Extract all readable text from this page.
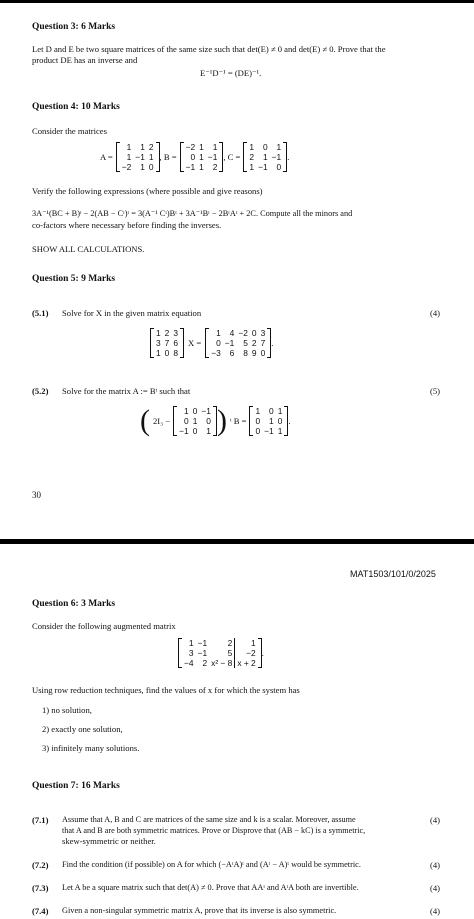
Question 3: 6 Marks
Let D and E be two square matrices of the same size such that det(E) ≠ 0 and det(E) ≠ 0. Prove that the
product DE has an inverse and
E⁻¹D⁻¹ = (DE)⁻¹.
Question 4: 10 Marks
Consider the matrices
A =
1	1	2
1	−1	1
−2	1	0
, B =
−2	1	1
0	1	−1
−1	1	2
, C =
1	0	1
2	1	−1
1	−1	0
.
Verify the following expressions (where possible and give reasons)
3A⁻¹(BC + B)ᵗ − 2(AB − Cᵗ)ᵗ = 3(A⁻¹ Cᵗ)Bᵗ + 3A⁻¹Bᵗ − 2BᵗAᵗ + 2C. Compute all the minors and
co-factors where necessary before finding the inverses.
SHOW ALL CALCULATIONS.
Question 5: 9 Marks
(5.1) Solve for X in the given matrix equation	(4)
1	2	3
3	7	6
1	0	8
X =
1	4	−2	0	3
0	−1	5	2	7
−3	6	8	9	0
.
(5.2) Solve for the matrix A := Bᵗ such that	(5)
( 2I₃ −
1	0	−1
0	1	0
−1	0	1 ) ᵗ B =
1	0	1
0	1	0
0	−1	1
.
30
MAT1503/101/0/2025
Question 6: 3 Marks
Consider the following augmented matrix
1	−1	2	1
3	−1	5	−2
−4	2	x² − 8	x + 2
.
Using row reduction techniques, find the values of x for which the system has
1) no solution,
2) exactly one solution,
3) infinitely many solutions.
Question 7: 16 Marks
(7.1) Assume that A, B and C are matrices of the same size and k is a scalar. Moreover, assume
that A and B are both symmetric matrices. Prove or Disprove that (AB − kC) is a symmetric,
skew-symmetric or neither.
(4)
(7.2) Find the condition (if possible) on A for which (−AᵗA)ᵗ and (Aᵗ − A)ᵗ would be symmetric.	(4)
(7.3) Let A be a square matrix such that det(A) ≠ 0. Prove that AAᵗ and AᵗA both are invertible.	(4)
(7.4) Given a non-singular symmetric matrix A, prove that its inverse is also symmetric.	(4)
